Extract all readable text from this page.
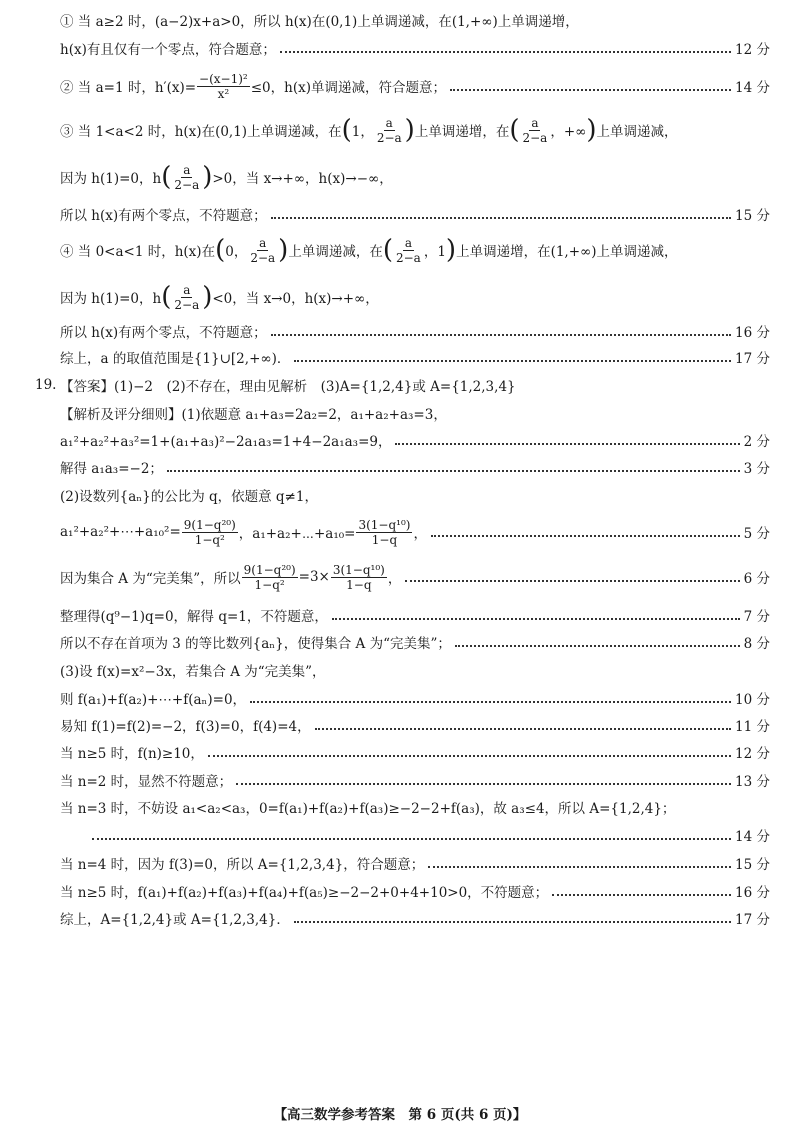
① 当 a≥2 时，(a−2)x+a>0，所以 h(x)在(0,1)上单调递减，在(1,+∞)上单调递增，
h(x)有且仅有一个零点，符合题意；	12 分
② 当 a=1 时，$h'(x)= \frac{\text{−(x−1)²}}{\text{x²}} \le 0$，h(x)单调递减，符合题意；	14 分
③ 当 1<a<2 时，h(x)在(0,1)上单调递减，在 ( 1， $\frac{a}{2-a}$ ) 上单调递增，在 ( $\frac{a}{2-a}$ ，+∞ ) 上单调递减，
因为 h(1)=0，h ( $\frac{a}{2-a}$ ) >0，当 x→+∞，h(x)→−∞，
所以 h(x)有两个零点，不符题意；	15 分
④ 当 0<a<1 时，h(x)在 ( 0， $\frac{a}{2-a}$ ) 上单调递减，在 ( $\frac{a}{2-a}$ ，1 ) 上单调递增，在(1,+∞)上单调递减，
因为 h(1)=0，h ( $\frac{a}{2-a}$ ) <0，当 x→0，h(x)→+∞，
所以 h(x)有两个零点，不符题意；	16 分
综上，a 的取值范围是{1}∪[2,+∞)．	17 分
19. 【答案】(1)−2　(2)不存在，理由见解析　(3)A={1,2,4}或 A={1,2,3,4}
【解析及评分细则】(1)依题意 a₁+a₃=2a₂=2，a₁+a₂+a₃=3，
a₁²+a₂²+a₃²=1+(a₁+a₃)²−2a₁a₃=1+4−2a₁a₃=9，	2 分
解得 a₁a₃=−2；	3 分
(2)设数列{aₙ}的公比为 q，依题意 q≠1，
a₁²+a₂²+⋯+a₁₀²= $\frac{\text{9(1−q²⁰)}}{\text{1−q²}}$ ，a₁+a₂+⋯+a₁₀= $\frac{\text{3(1−q¹⁰)}}{1-q}$ ，	5 分
因为集合 A 为“完美集”，所以 $\frac{\text{9(1−q²⁰)}}{\text{1−q²}} =3\times \frac{\text{3(1−q¹⁰)}}{1-q}$ ，	6 分
整理得(q⁹−1)q=0，解得 q=1，不符题意，	7 分
所以不存在首项为 3 的等比数列{aₙ}，使得集合 A 为“完美集”；	8 分
(3)设 f(x)=x²−3x，若集合 A 为“完美集”，
则 f(a₁)+f(a₂)+⋯+f(aₙ)=0，	10 分
易知 f(1)=f(2)=−2，f(3)=0，f(4)=4，	11 分
当 n≥5 时，f(n)≥10，	12 分
当 n=2 时，显然不符题意；	13 分
当 n=3 时，不妨设 a₁<a₂<a₃，0=f(a₁)+f(a₂)+f(a₃)≥−2−2+f(a₃)，故 a₃≤4，所以 A={1,2,4}；
14 分
当 n=4 时，因为 f(3)=0，所以 A={1,2,3,4}，符合题意；	15 分
当 n≥5 时，f(a₁)+f(a₂)+f(a₃)+f(a₄)+f(a₅)≥−2−2+0+4+10>0，不符题意；	16 分
综上，A={1,2,4}或 A={1,2,3,4}．	17 分
【高三数学参考答案　第 6 页(共 6 页)】
